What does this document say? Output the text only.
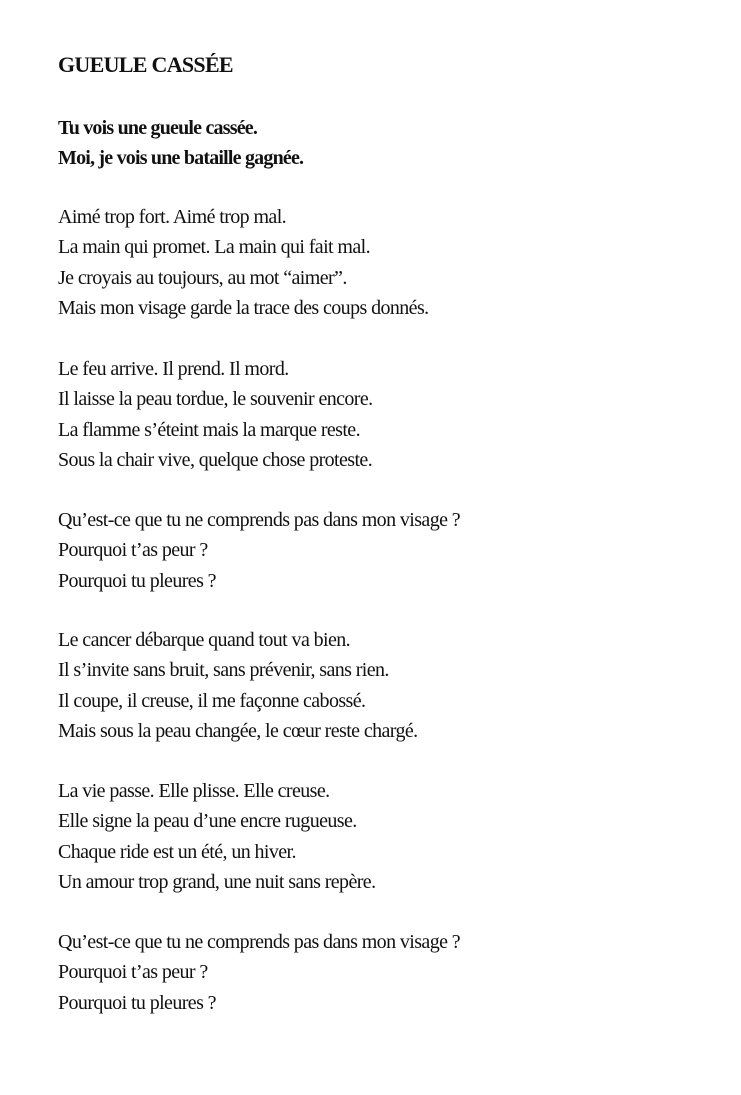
GUEULE CASSÉE

Tu vois une gueule cassée.
Moi, je vois une bataille gagnée.

Aimé trop fort. Aimé trop mal.
La main qui promet. La main qui fait mal.
Je croyais au toujours, au mot “aimer”.
Mais mon visage garde la trace des coups donnés.

Le feu arrive. Il prend. Il mord.
Il laisse la peau tordue, le souvenir encore.
La flamme s’éteint mais la marque reste.
Sous la chair vive, quelque chose proteste.

Qu’est-ce que tu ne comprends pas dans mon visage ?
Pourquoi t’as peur ?
Pourquoi tu pleures ?

Le cancer débarque quand tout va bien.
Il s’invite sans bruit, sans prévenir, sans rien.
Il coupe, il creuse, il me façonne cabossé.
Mais sous la peau changée, le cœur reste chargé.

La vie passe. Elle plisse. Elle creuse.
Elle signe la peau d’une encre rugueuse.
Chaque ride est un été, un hiver.
Un amour trop grand, une nuit sans repère.

Qu’est-ce que tu ne comprends pas dans mon visage ?
Pourquoi t’as peur ?
Pourquoi tu pleures ?
